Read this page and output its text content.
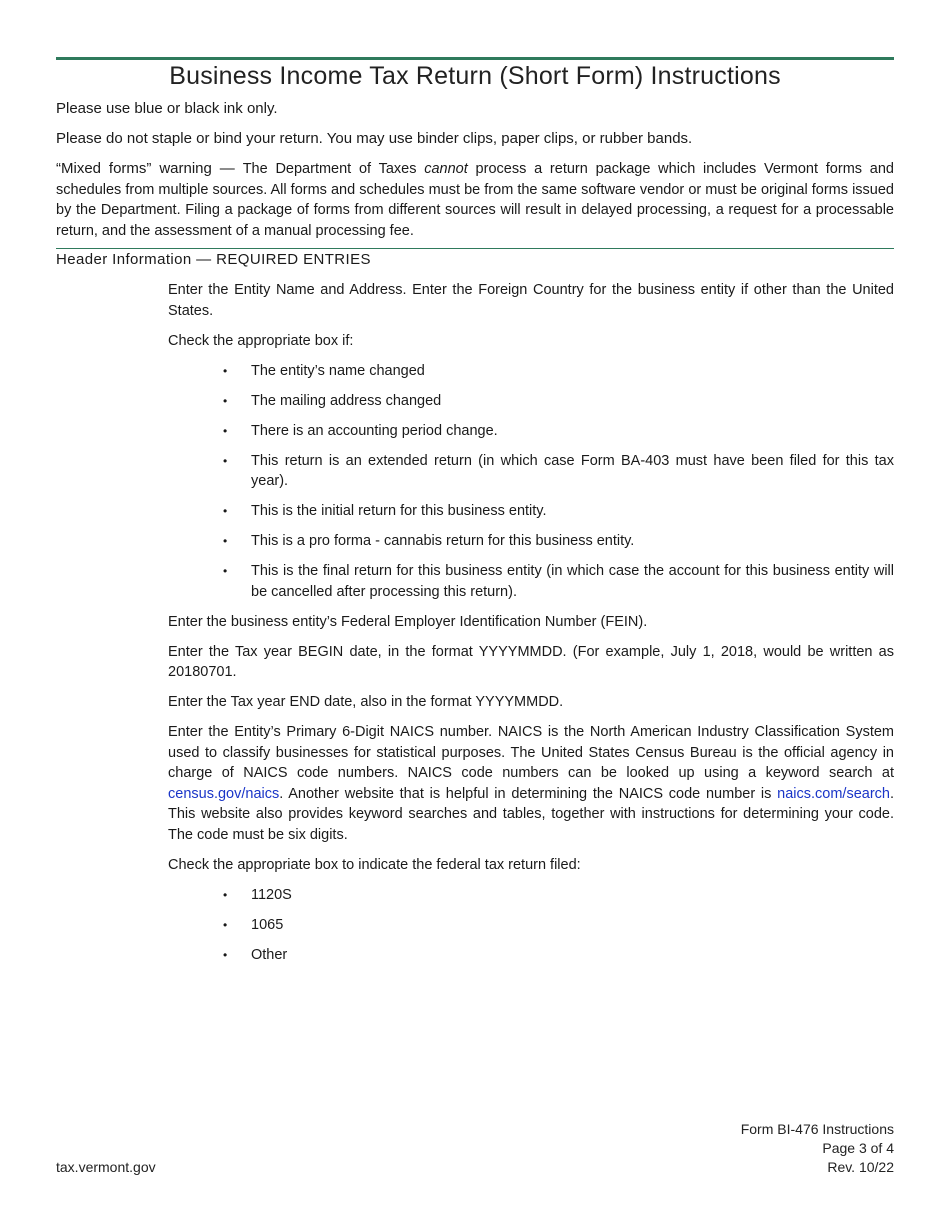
Business Income Tax Return (Short Form) Instructions

Please use blue or black ink only.

Please do not staple or bind your return. You may use binder clips, paper clips, or rubber bands.

“Mixed forms” warning — The Department of Taxes cannot process a return package which includes Vermont forms and schedules from multiple sources. All forms and schedules must be from the same software vendor or must be original forms issued by the Department. Filing a package of forms from different sources will result in delayed processing, a request for a processable return, and the assessment of a manual processing fee.
Header Information — REQUIRED ENTRIES

Enter the Entity Name and Address. Enter the Foreign Country for the business entity if other than the United States.

Check the appropriate box if:

• The entity’s name changed
• The mailing address changed
• There is an accounting period change.
• This return is an extended return (in which case Form BA-403 must have been filed for this tax year).
• This is the initial return for this business entity.
• This is a pro forma - cannabis return for this business entity.
• This is the final return for this business entity (in which case the account for this business entity will be cancelled after processing this return).

Enter the business entity’s Federal Employer Identification Number (FEIN).

Enter the Tax year BEGIN date, in the format YYYYMMDD. (For example, July 1, 2018, would be written as 20180701.

Enter the Tax year END date, also in the format YYYYMMDD.

Enter the Entity’s Primary 6-Digit NAICS number. NAICS is the North American Industry Classification System used to classify businesses for statistical purposes. The United States Census Bureau is the official agency in charge of NAICS code numbers. NAICS code numbers can be looked up using a keyword search at census.gov/naics. Another website that is helpful in determining the NAICS code number is naics.com/search. This website also provides keyword searches and tables, together with instructions for determining your code. The code must be six digits.

Check the appropriate box to indicate the federal tax return filed:

• 1120S
• 1065
• Other
tax.vermont.gov
Form BI-476 Instructions
Page 3 of 4
Rev. 10/22
